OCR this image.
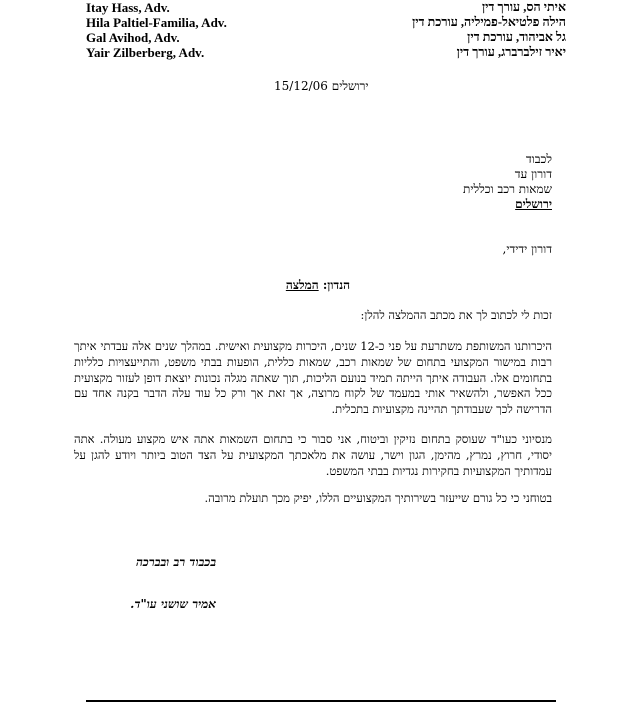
Itay Hass, Adv.
Hila Paltiel-Familia, Adv.
Gal Avihod, Adv.
Yair Zilberberg, Adv.
איתי הס, עורך דין
הילה פלטיאל-פמיליה, עורכת דין
גל אביהוד, עורכת דין
יאיר זילברברג, עורך דין
ירושלים 15/12/06
לכבוד
דורון עד
שמאות רכב וכללית
ירושלים
דורון ידידי,
הנדון: המלצה
זכות לי לכתוב לך את מכתב ההמלצה להלן:
היכרותנו המשותפת משתרעת על פני כ-12 שנים, היכרות מקצועית ואישית. במהלך שנים אלה עבדתי איתך רבות במישור המקצועי בתחום של שמאות רכב, שמאות כללית, הופעות בבתי משפט, והתייעצויות כלליות בתחומים אלו. העבודה איתך הייתה תמיד בנועם הליכות, תוך שאתה מגלה נכונות יוצאת דופן לעזור מקצועית ככל האפשר, ולהשאיר אותי במעמד של לקוח מרוצה, אך זאת אך ורק כל עוד עלה הדבר בקנה אחד עם הדרישה לכך שעבודתך תהיינה מקצועיות בתכלית.
מנסיוני כעו"ד שעוסק בתחום נזיקין וביטוח, אני סבור כי בתחום השמאות אתה איש מקצוע מעולה. אתה יסודי, חרוץ, נמרץ, מהימן, הגון וישר, עושה את מלאכתך המקצועית על הצד הטוב ביותר ויודע להגן על עמדותיך המקצועיות בחקירות נגדיות בבתי המשפט.
בטוחני כי כל גורם שייעזר בשירותיך המקצועיים הללו, יפיק מכך תועלת מרובה.
בכבוד רב ובברכה
אמיר שושני עו"ד.
